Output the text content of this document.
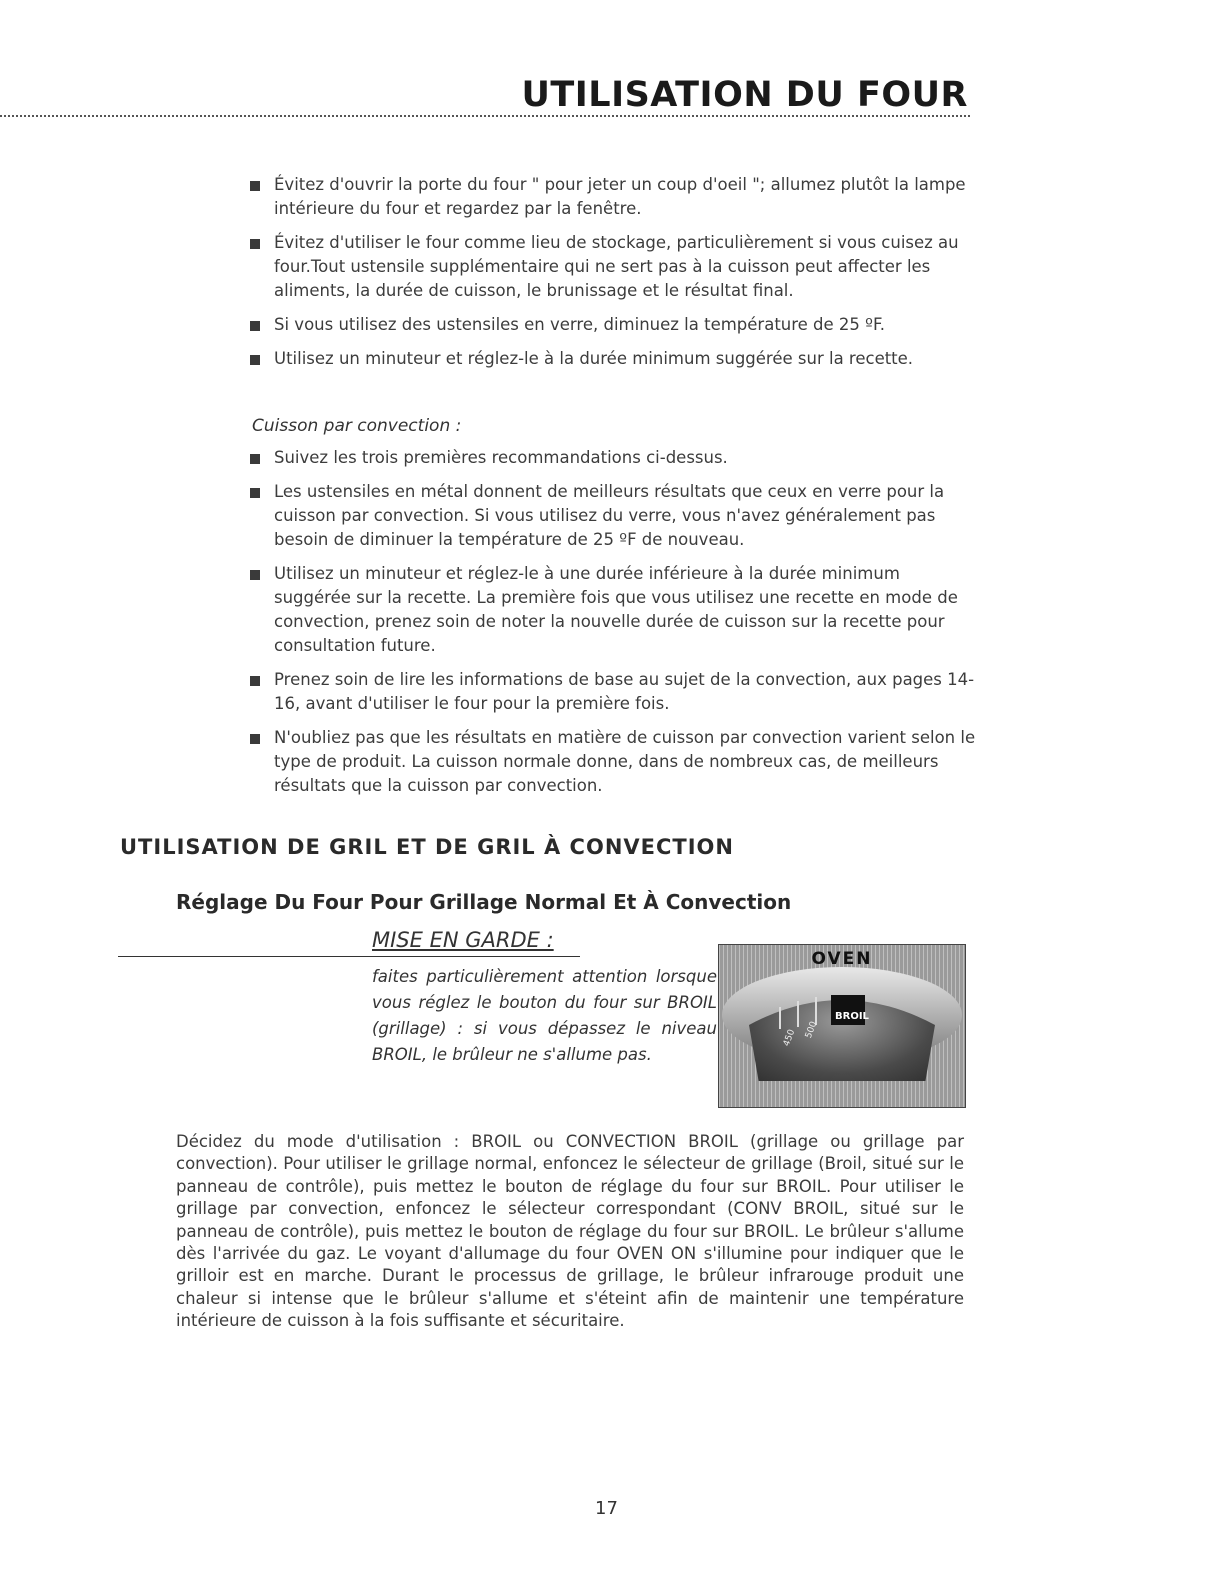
UTILISATION DU FOUR
Évitez d'ouvrir la porte du four " pour jeter un coup d'oeil "; allumez plutôt la lampe intérieure du four et regardez par la fenêtre.
Évitez d'utiliser le four comme lieu de stockage, particulièrement si vous cuisez au four.Tout ustensile supplémentaire qui ne sert pas à la cuisson peut affecter les aliments, la durée de cuisson, le brunissage et le résultat final.
Si vous utilisez des ustensiles en verre, diminuez la température de 25 ºF.
Utilisez un minuteur et réglez-le à la durée minimum suggérée sur la recette.

Cuisson par convection :

Suivez les trois premières recommandations ci-dessus.
Les ustensiles en métal donnent de meilleurs résultats que ceux en verre pour la cuisson par convection. Si vous utilisez du verre, vous n'avez généralement pas besoin de diminuer la température de 25 ºF de nouveau.
Utilisez un minuteur et réglez-le à une durée inférieure à la durée minimum suggérée sur la recette. La première fois que vous utilisez une recette en mode de convection, prenez soin de noter la nouvelle durée de cuisson sur la recette pour consultation future.
Prenez soin de lire les informations de base au sujet de la convection, aux pages 14-16, avant d'utiliser le four pour la première fois.
N'oubliez pas que les résultats en matière de cuisson par convection varient selon le type de produit. La cuisson normale donne, dans de nombreux cas, de meilleurs résultats que la cuisson par convection.
UTILISATION DE GRIL ET DE GRIL À CONVECTION
Réglage Du Four Pour Grillage Normal Et À Convection

MISE EN GARDE :

faites particulièrement attention lorsque vous réglez le bouton du four sur BROIL (grillage) : si vous dépassez le niveau BROIL, le brûleur ne s'allume pas.
OVEN
BROIL
450 500

Décidez du mode d'utilisation : BROIL ou CONVECTION BROIL (grillage ou grillage par convection). Pour utiliser le grillage normal, enfoncez le sélecteur de grillage (Broil, situé sur le panneau de contrôle), puis mettez le bouton de réglage du four sur BROIL. Pour utiliser le grillage par convection, enfoncez le sélecteur correspondant (CONV BROIL, situé sur le panneau de contrôle), puis mettez le bouton de réglage du four sur BROIL. Le brûleur s'allume dès l'arrivée du gaz. Le voyant d'allumage du four OVEN ON s'illumine pour indiquer que le grilloir est en marche. Durant le processus de grillage, le brûleur infrarouge produit une chaleur si intense que le brûleur s'allume et s'éteint afin de maintenir une température intérieure de cuisson à la fois suffisante et sécuritaire.

17
